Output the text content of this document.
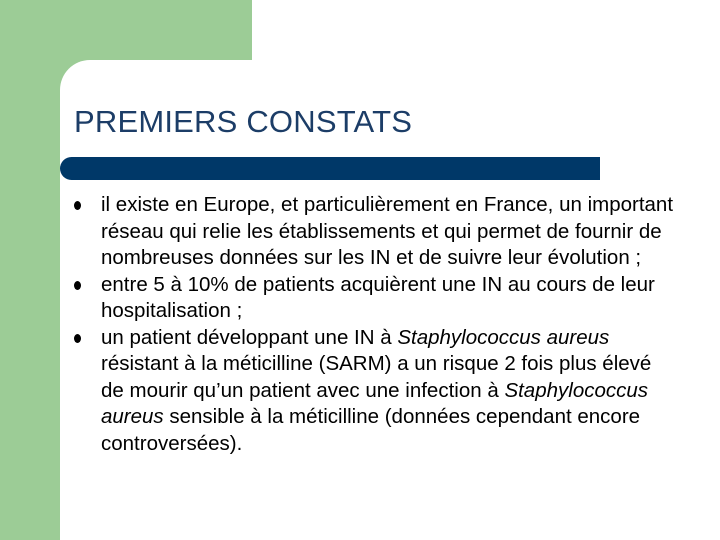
PREMIERS CONSTATS
il existe en Europe, et particulièrement en France, un important réseau qui relie les établissements et qui permet de fournir de nombreuses données sur les IN et de suivre leur évolution ;
entre 5 à 10% de patients acquièrent une IN au cours de leur hospitalisation ;
un patient développant une IN à Staphylococcus aureus résistant à la méticilline (SARM) a un risque 2 fois plus élevé de mourir qu’un patient avec une infection à Staphylococcus aureus sensible à la méticilline (données cependant encore controversées).
